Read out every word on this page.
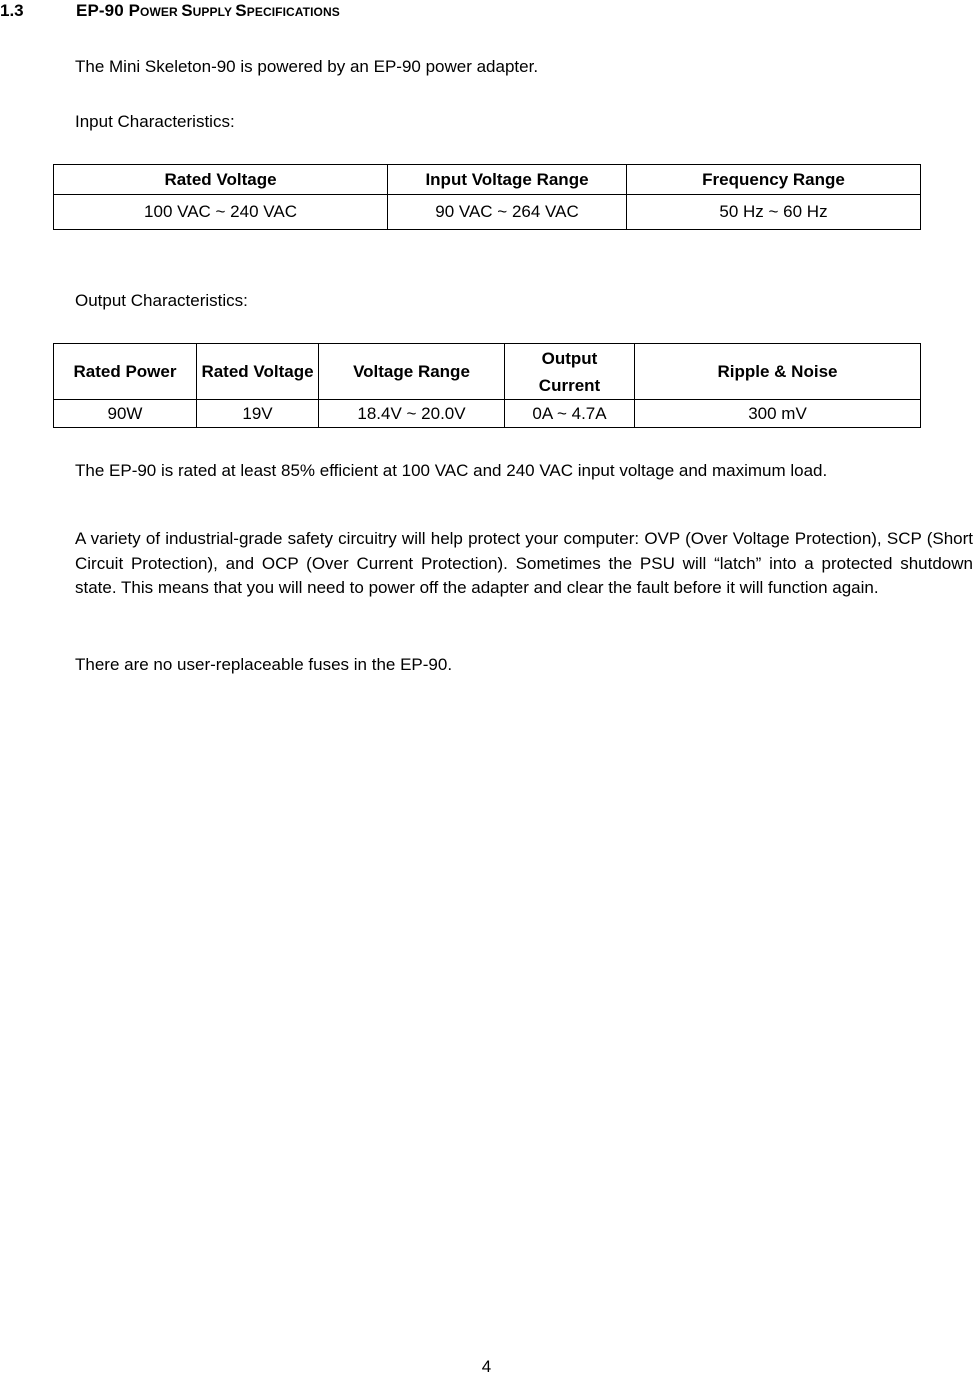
1.3	EP-90 POWER SUPPLY SPECIFICATIONS

The Mini Skeleton-90 is powered by an EP-90 power adapter.

Input Characteristics:

Rated Voltage	Input Voltage Range	Frequency Range
100 VAC ~ 240 VAC	90 VAC ~ 264 VAC	50 Hz ~ 60 Hz

Output Characteristics:

Rated Power	Rated Voltage	Voltage Range	Output Current	Ripple & Noise
90W	19V	18.4V ~ 20.0V	0A ~ 4.7A	300 mV

The EP-90 is rated at least 85% efficient at 100 VAC and 240 VAC input voltage and maximum load.

A variety of industrial-grade safety circuitry will help protect your computer: OVP (Over Voltage Protection), SCP (Short Circuit Protection), and OCP (Over Current Protection). Sometimes the PSU will “latch” into a protected shutdown state. This means that you will need to power off the adapter and clear the fault before it will function again.

There are no user-replaceable fuses in the EP-90.

4
